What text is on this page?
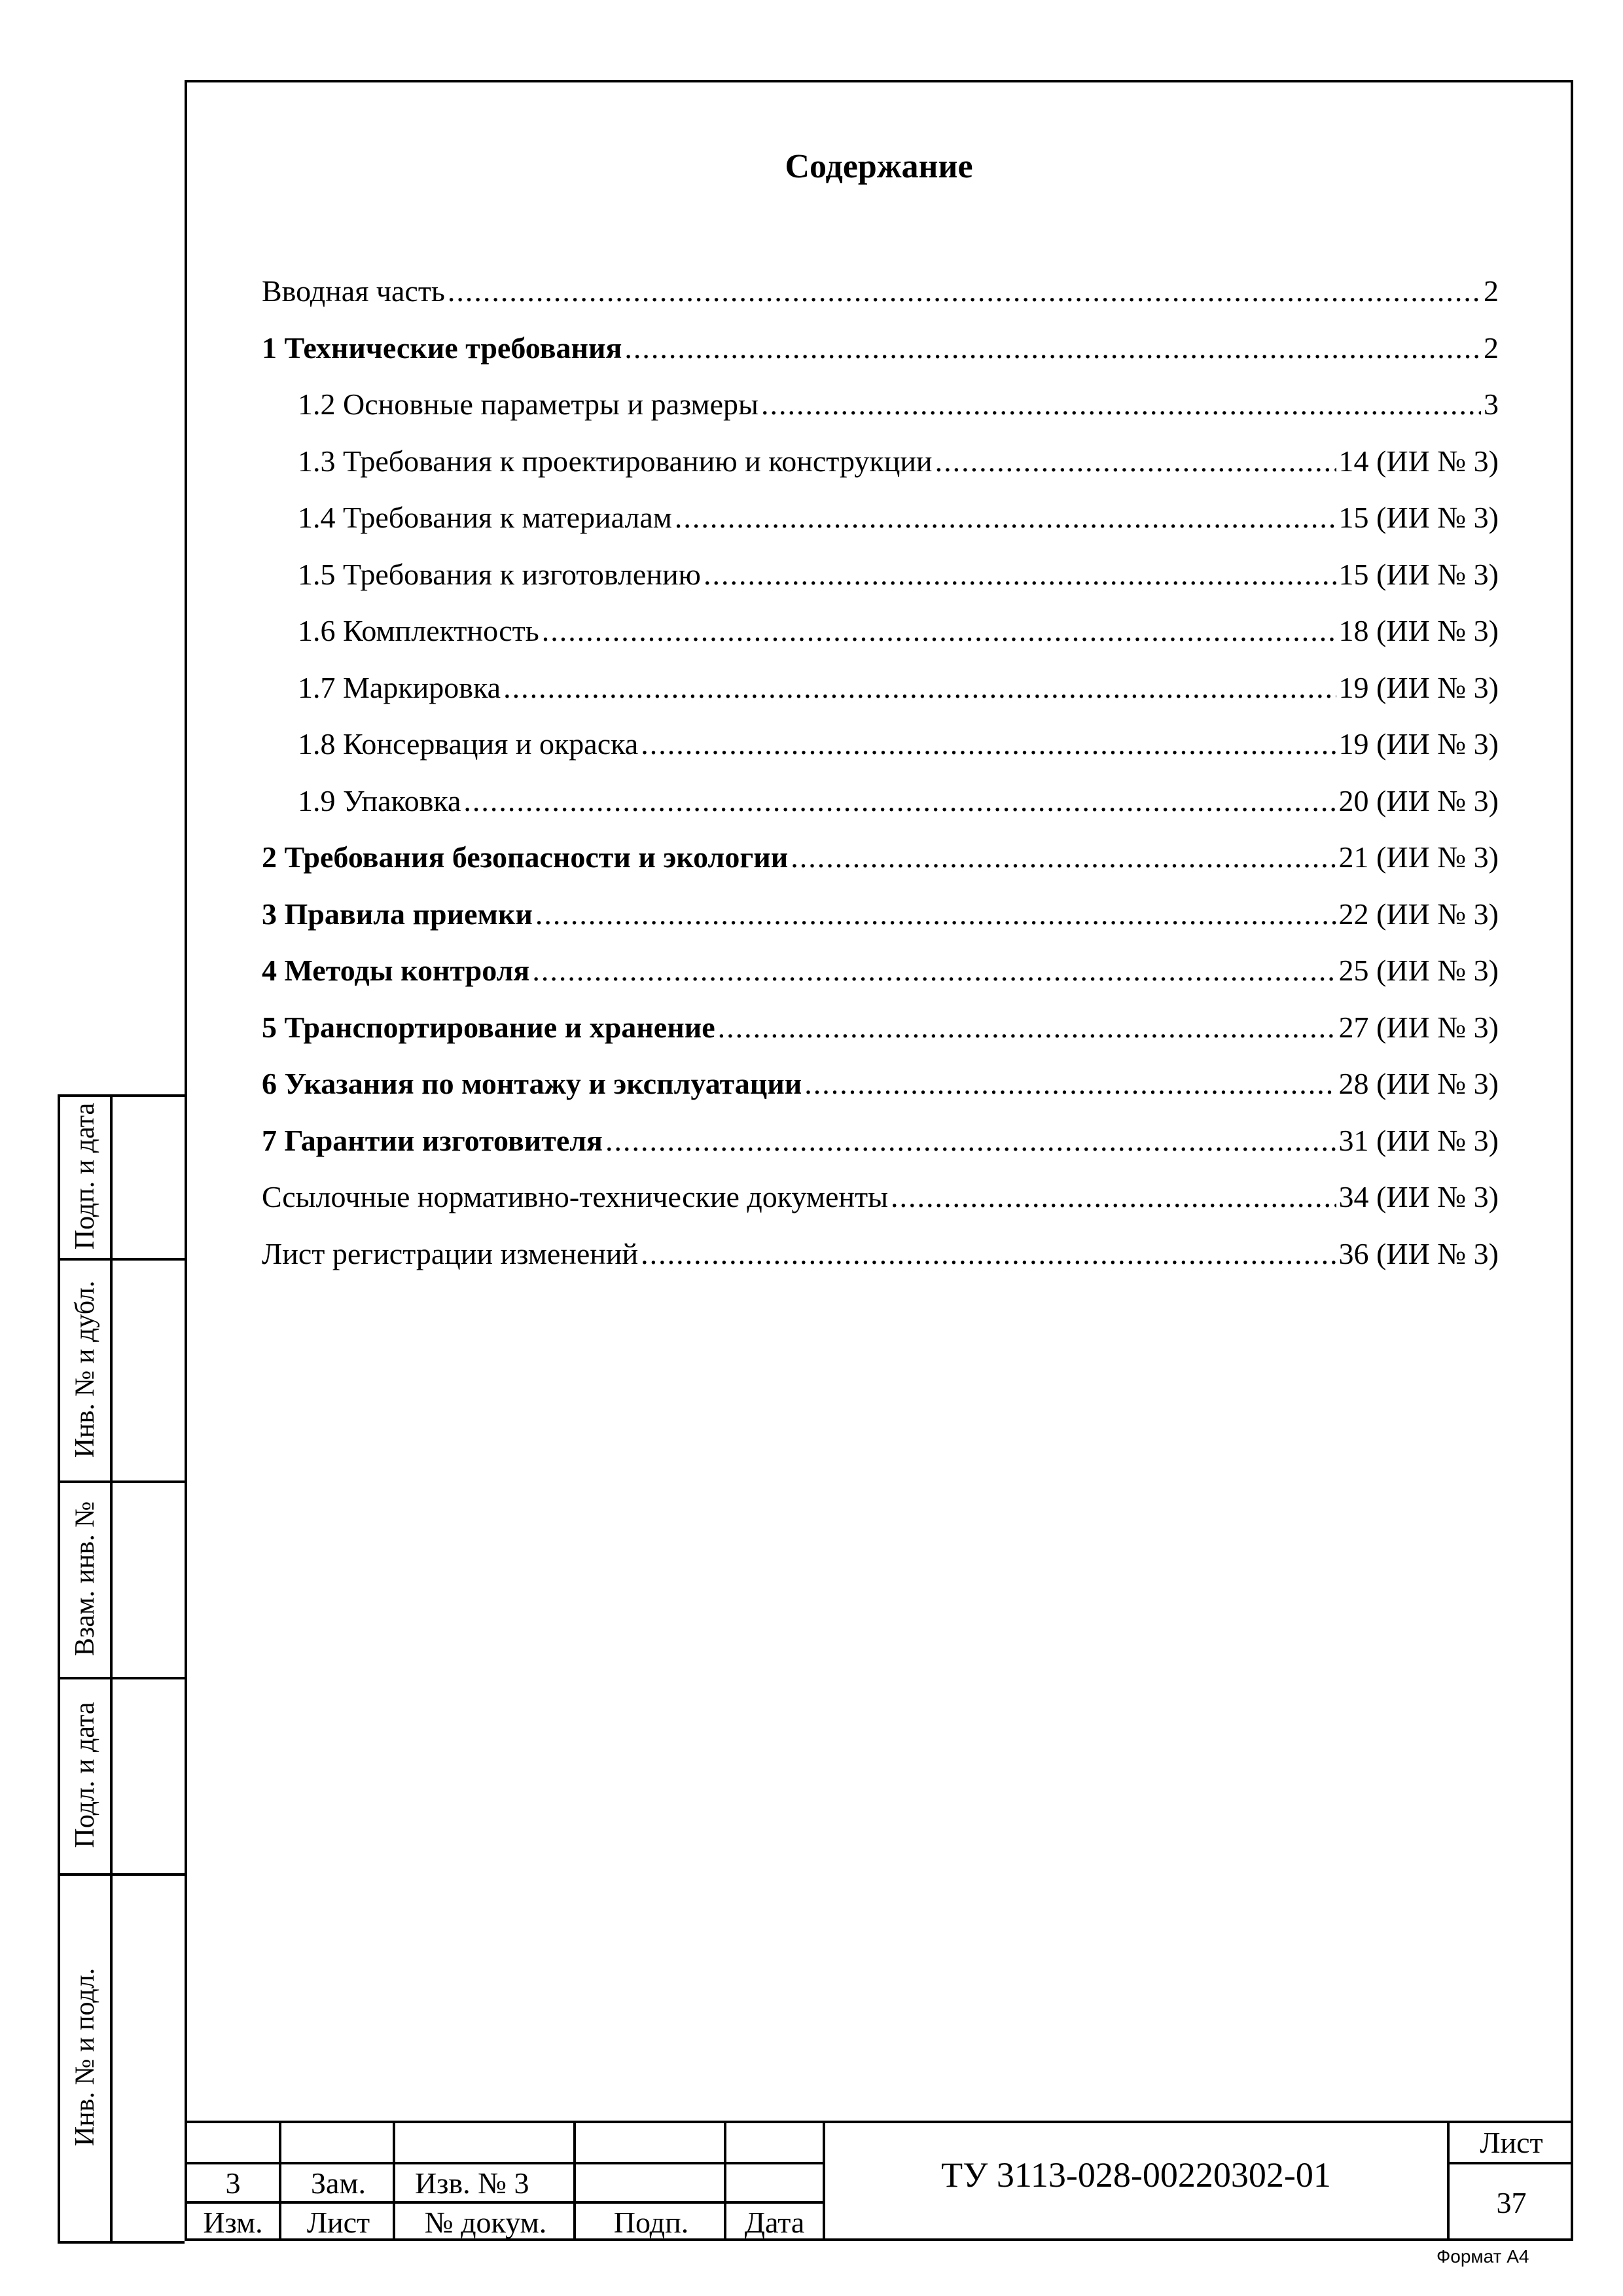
Содержание
Вводная часть .....	2
1 Технические требования .....	2
1.2 Основные параметры и размеры .....	3
1.3 Требования к проектированию и конструкции .....	14 (ИИ № 3)
1.4 Требования к материалам .....	15 (ИИ № 3)
1.5 Требования к изготовлению .....	15 (ИИ № 3)
1.6 Комплектность .....	18 (ИИ № 3)
1.7 Маркировка .....	19 (ИИ № 3)
1.8 Консервация и окраска .....	19 (ИИ № 3)
1.9 Упаковка .....	20 (ИИ № 3)
2 Требования безопасности и экологии .....	21 (ИИ № 3)
3 Правила приемки .....	22 (ИИ № 3)
4 Методы контроля .....	25 (ИИ № 3)
5 Транспортирование и хранение .....	27 (ИИ № 3)
6 Указания по монтажу и эксплуатации .....	28 (ИИ № 3)
7 Гарантии изготовителя .....	31 (ИИ № 3)
Ссылочные нормативно-технические документы .....	34 (ИИ № 3)
Лист регистрации изменений .....	36 (ИИ № 3)
Подп. и дата
Инв. № и дубл.
Взам. инв. №
Подл. и дата
Инв. № и подл.
3	Зам.	Изв. № 3
Изм.	Лист	№ докум.	Подп.	Дата
ТУ 3113-028-00220302-01
Лист
37
Формат А4
